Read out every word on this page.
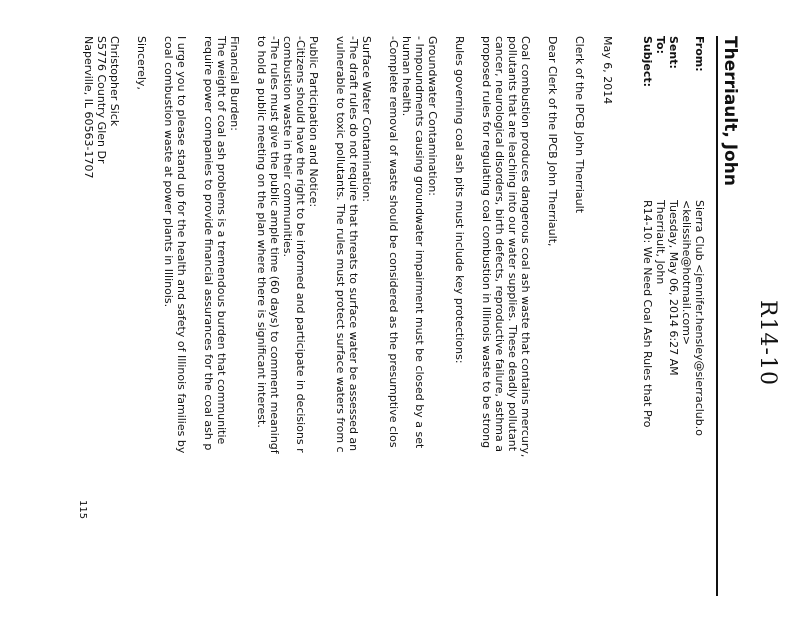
R14-10
Therriault, John
From:
Sierra Club <jennifer.hensley@sierraclub.o
<kelissihe@hotmail.com>
Sent:
Tuesday, May 06, 2014 6:27 AM
To:
Therriault, John
Subject:
R14-10: We Need Coal Ash Rules that Pro
May 6, 2014
Clerk of the IPCB John Therriault
Dear Clerk of the IPCB John Therriault,
Coal combustion produces dangerous coal ash waste that contains mercury,
pollutants that are leaching into our water supplies. These deadly pollutant
cancer, neurological disorders, birth defects, reproductive failure, asthma a
proposed rules for regulating coal combustion in Illinois waste to be strong
Rules governing coal ash pits must include key protections:
Groundwater Contamination:
- Impoundments causing groundwater impairment must be closed by a set
human health.
-Complete removal of waste should be considered as the presumptive clos
Surface Water Contamination:
-The draft rules do not require that threats to surface water be assessed an
vulnerable to toxic pollutants. The rules must protect surface waters from c
Public Participation and Notice:
-Citizens should have the right to be informed and participate in decisions r
combustion waste in their communities.
-The rules must give the public ample time (60 days) to comment meaningf
to hold a public meeting on the plan where there is significant interest.
Financial Burden:
The weight of coal ash problems is a tremendous burden that communitie
require power companies to provide financial assurances for the coal ash p
I urge you to please stand up for the health and safety of Illinois families by
coal combustion waste at power plants in Illinois.
Sincerely,
Christopher Sick
S5776 Country Glen Dr
Naperville, IL 60563-1707
115
